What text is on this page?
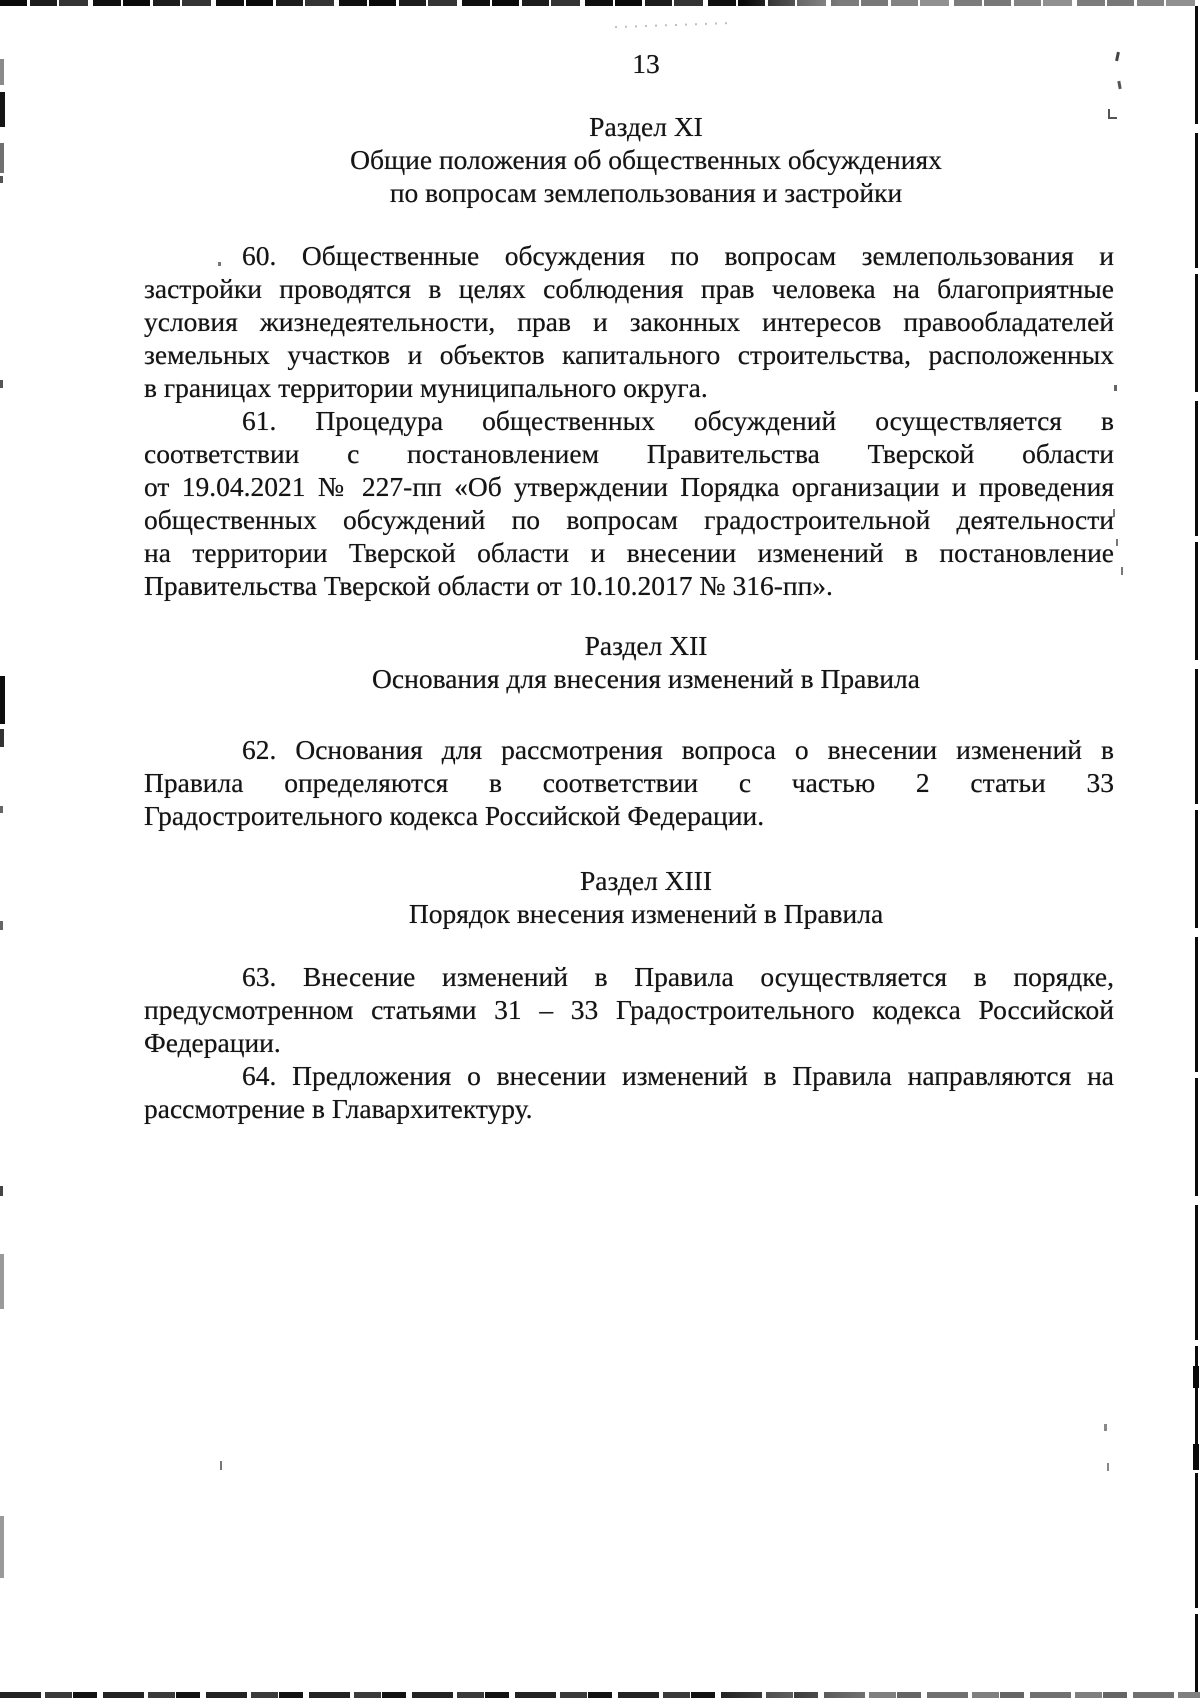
13
Раздел XI
Общие положения об общественных обсуждениях
по вопросам землепользования и застройки
60. Общественные обсуждения по вопросам землепользования и
застройки проводятся в целях соблюдения прав человека на благоприятные
условия жизнедеятельности, прав и законных интересов правообладателей
земельных участков и объектов капитального строительства, расположенных
в границах территории муниципального округа.
61. Процедура общественных обсуждений осуществляется в
соответствии с постановлением Правительства Тверской области
от 19.04.2021 № 227-пп «Об утверждении Порядка организации и проведения
общественных обсуждений по вопросам градостроительной деятельности
на территории Тверской области и внесении изменений в постановление
Правительства Тверской области от 10.10.2017 № 316-пп».
Раздел XII
Основания для внесения изменений в Правила
62. Основания для рассмотрения вопроса о внесении изменений в
Правила определяются в соответствии с частью 2 статьи 33
Градостроительного кодекса Российской Федерации.
Раздел XIII
Порядок внесения изменений в Правила
63. Внесение изменений в Правила осуществляется в порядке,
предусмотренном статьями 31 – 33 Градостроительного кодекса Российской
Федерации.
64. Предложения о внесении изменений в Правила направляются на
рассмотрение в Главархитектуру.
